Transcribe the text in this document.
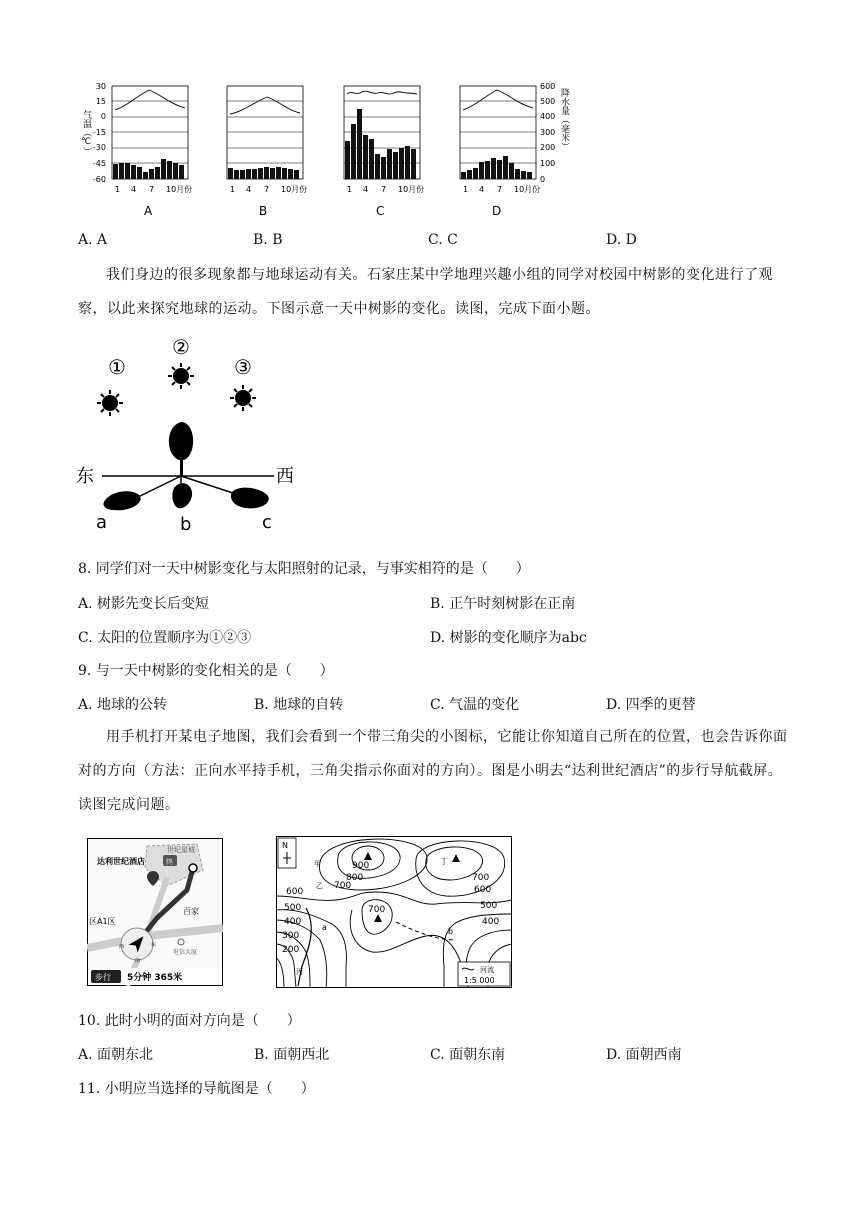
气温（℃）	降水量（毫米）
30
15
0
-15
-30
-45
-60
1 4 7 10月份
A
1 4 7 10月份
B
1 4 7 10月份
C
1 4 7 10月份
D
600
500
400
300
200
100
0
A. A	B. B	C. C	D. D
我们身边的很多现象都与地球运动有关。石家庄某中学地理兴趣小组的同学对校园中树影的变化进行了观察，以此来探究地球的运动。下图示意一天中树影的变化。读图，完成下面小题。
①
②
③
东	西
a	b	c
8. 同学们对一天中树影变化与太阳照射的记录，与事实相符的是（　　）
A. 树影先变长后变短	B. 正午时刻树影在正南
C. 太阳的位置顺序为①②③	D. 树影的变化顺序为abc
9. 与一天中树影的变化相关的是（　　）
A. 地球的公转	B. 地球的自转	C. 气温的变化	D. 四季的更替
用手机打开某电子地图，我们会看到一个带三角尖的小图标，它能让你知道自己所在的位置，也会告诉你面对的方向（方法：正向水平持手机，三角尖指示你面对的方向）。图是小明去“达利世纪酒店”的步行导航截屏。读图完成问题。
世纪星城
达利世纪酒店	终
区A1区
百家
电信大厦
西	东
南
步行 5分钟 365米
N
900
800
700
600
500
400
300
200
700
700
600
500
400
甲
乙
丁
a	b
丙	河流
1:5 000
10. 此时小明的面对方向是（　　）
A. 面朝东北	B. 面朝西北	C. 面朝东南	D. 面朝西南
11. 小明应当选择的导航图是（　　）
